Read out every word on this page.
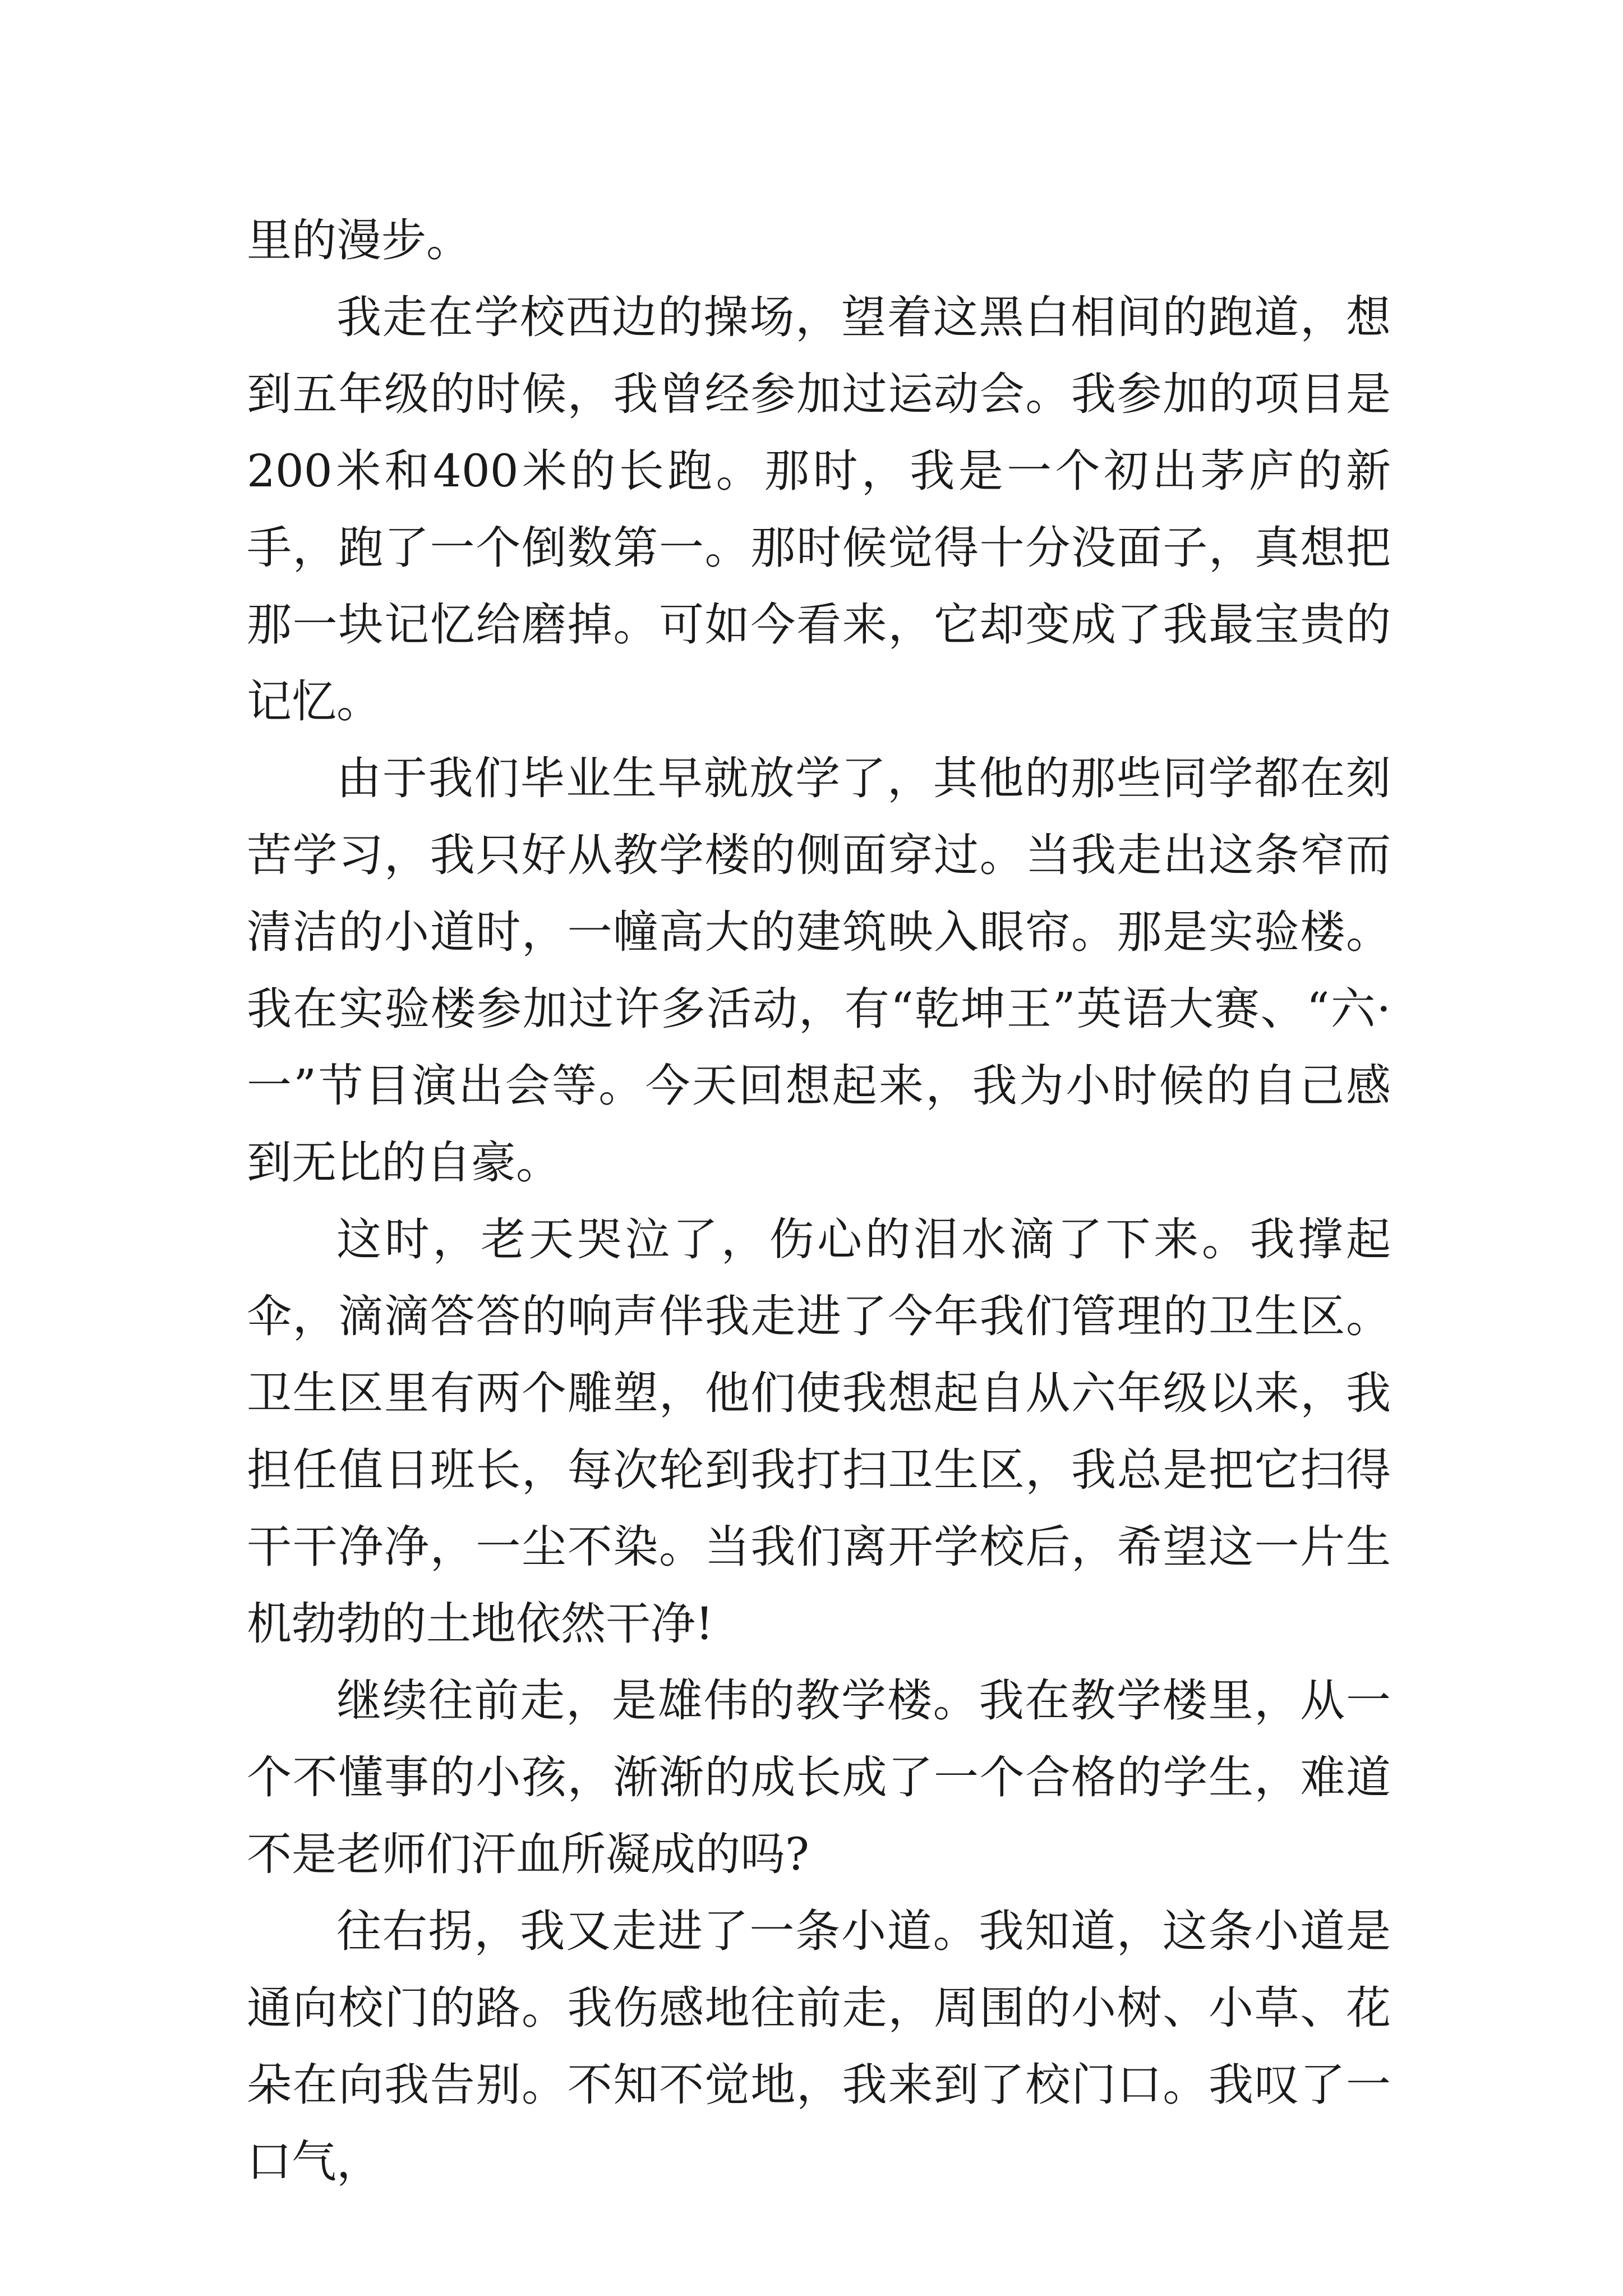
里的漫步。

我走在学校西边的操场，望着这黑白相间的跑道，想到五年级的时候，我曾经参加过运动会。我参加的项目是200米和400米的长跑。那时，我是一个初出茅庐的新手，跑了一个倒数第一。那时候觉得十分没面子，真想把那一块记忆给磨掉。可如今看来，它却变成了我最宝贵的记忆。

由于我们毕业生早就放学了，其他的那些同学都在刻苦学习，我只好从教学楼的侧面穿过。当我走出这条窄而清洁的小道时，一幢高大的建筑映入眼帘。那是实验楼。我在实验楼参加过许多活动，有“乾坤王”英语大赛、“六·一”节目演出会等。今天回想起来，我为小时候的自己感到无比的自豪。

这时，老天哭泣了，伤心的泪水滴了下来。我撑起伞，滴滴答答的响声伴我走进了今年我们管理的卫生区。卫生区里有两个雕塑，他们使我想起自从六年级以来，我担任值日班长，每次轮到我打扫卫生区，我总是把它扫得干干净净，一尘不染。当我们离开学校后，希望这一片生机勃勃的土地依然干净!

继续往前走，是雄伟的教学楼。我在教学楼里，从一个不懂事的小孩，渐渐的成长成了一个合格的学生，难道不是老师们汗血所凝成的吗?

往右拐，我又走进了一条小道。我知道，这条小道是通向校门的路。我伤感地往前走，周围的小树、小草、花朵在向我告别。不知不觉地，我来到了校门口。我叹了一口气，
